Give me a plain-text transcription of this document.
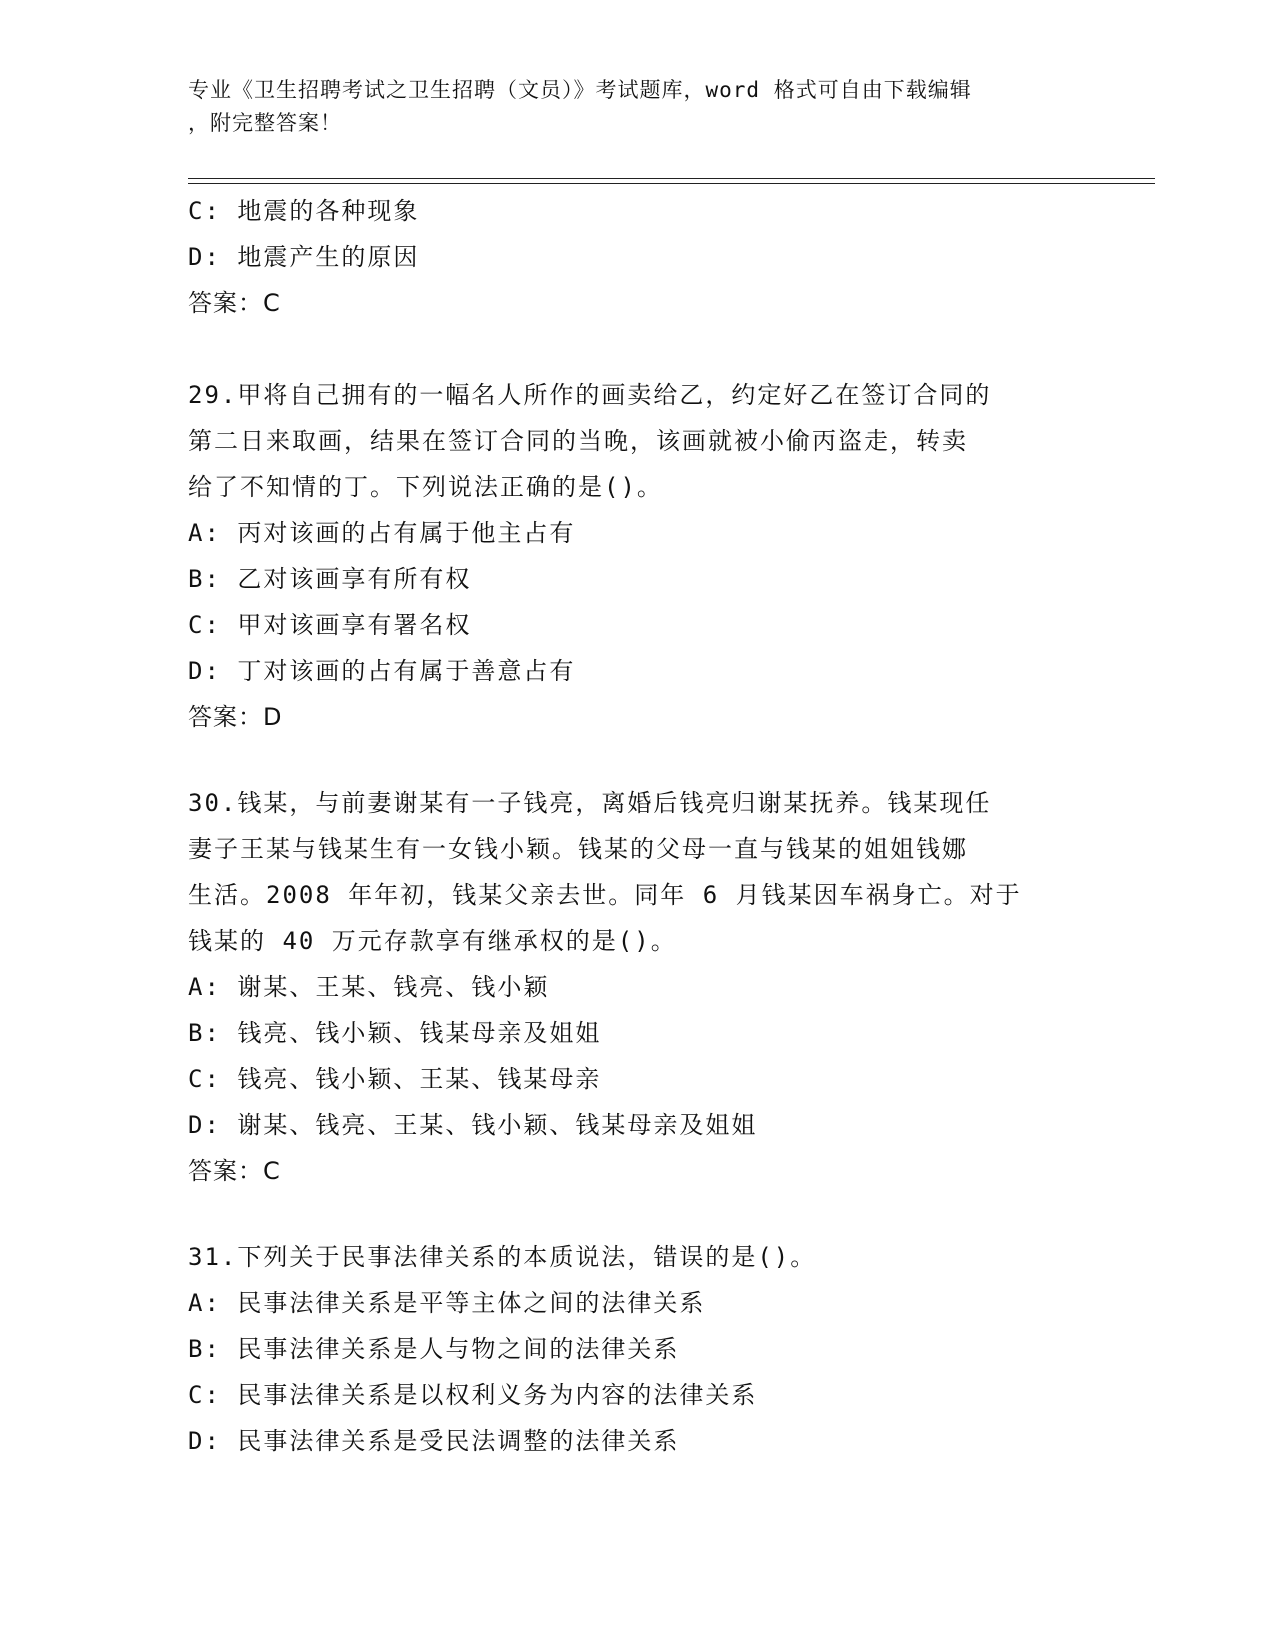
专业《卫生招聘考试之卫生招聘（文员）》考试题库，word 格式可自由下载编辑
，附完整答案！
C: 地震的各种现象
D: 地震产生的原因
答案：C
29.甲将自己拥有的一幅名人所作的画卖给乙，约定好乙在签订合同的
第二日来取画，结果在签订合同的当晚，该画就被小偷丙盗走，转卖
给了不知情的丁。下列说法正确的是()。
A: 丙对该画的占有属于他主占有
B: 乙对该画享有所有权
C: 甲对该画享有署名权
D: 丁对该画的占有属于善意占有
答案：D
30.钱某，与前妻谢某有一子钱亮，离婚后钱亮归谢某抚养。钱某现任
妻子王某与钱某生有一女钱小颖。钱某的父母一直与钱某的姐姐钱娜
生活。2008 年年初，钱某父亲去世。同年 6 月钱某因车祸身亡。对于
钱某的 40 万元存款享有继承权的是()。
A: 谢某、王某、钱亮、钱小颖
B: 钱亮、钱小颖、钱某母亲及姐姐
C: 钱亮、钱小颖、王某、钱某母亲
D: 谢某、钱亮、王某、钱小颖、钱某母亲及姐姐
答案：C
31.下列关于民事法律关系的本质说法，错误的是()。
A: 民事法律关系是平等主体之间的法律关系
B: 民事法律关系是人与物之间的法律关系
C: 民事法律关系是以权利义务为内容的法律关系
D: 民事法律关系是受民法调整的法律关系
